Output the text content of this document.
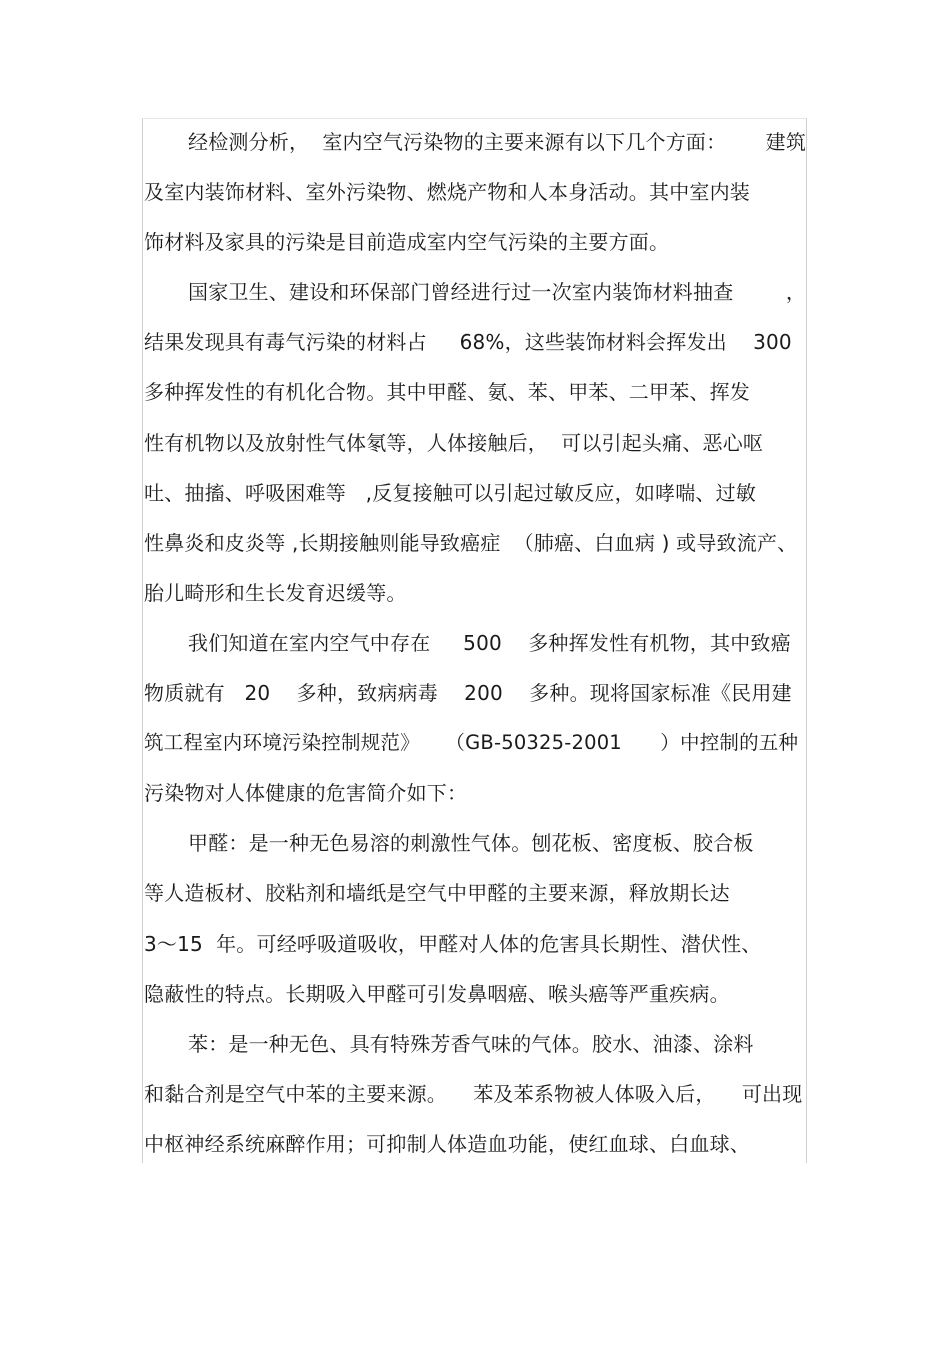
经检测分析，  室内空气污染物的主要来源有以下几个方面：      建筑
及室内装饰材料、室外污染物、燃烧产物和人本身活动。其中室内装
饰材料及家具的污染是目前造成室内空气污染的主要方面。
国家卫生、建设和环保部门曾经进行过一次室内装饰材料抽查        ，
结果发现具有毒气污染的材料占     68%，这些装饰材料会挥发出    300
多种挥发性的有机化合物。其中甲醛、氨、苯、甲苯、二甲苯、挥发
性有机物以及放射性气体氡等，人体接触后，  可以引起头痛、恶心呕
吐、抽搐、呼吸困难等   ,反复接触可以引起过敏反应，如哮喘、过敏
性鼻炎和皮炎等 ,长期接触则能导致癌症  （肺癌、白血病 ) 或导致流产、
胎儿畸形和生长发育迟缓等。
我们知道在室内空气中存在     500    多种挥发性有机物，其中致癌
物质就有   20    多种，致病病毒    200    多种。现将国家标准《民用建
筑工程室内环境污染控制规范》    （GB-50325-2001      ）中控制的五种
污染物对人体健康的危害简介如下：
甲醛：是一种无色易溶的刺激性气体。刨花板、密度板、胶合板
等人造板材、胶粘剂和墙纸是空气中甲醛的主要来源，释放期长达
3～15  年。可经呼吸道吸收，甲醛对人体的危害具长期性、潜伏性、
隐蔽性的特点。长期吸入甲醛可引发鼻咽癌、喉头癌等严重疾病。
苯：是一种无色、具有特殊芳香气味的气体。胶水、油漆、涂料
和黏合剂是空气中苯的主要来源。    苯及苯系物被人体吸入后，    可出现
中枢神经系统麻醉作用；可抑制人体造血功能，使红血球、白血球、
